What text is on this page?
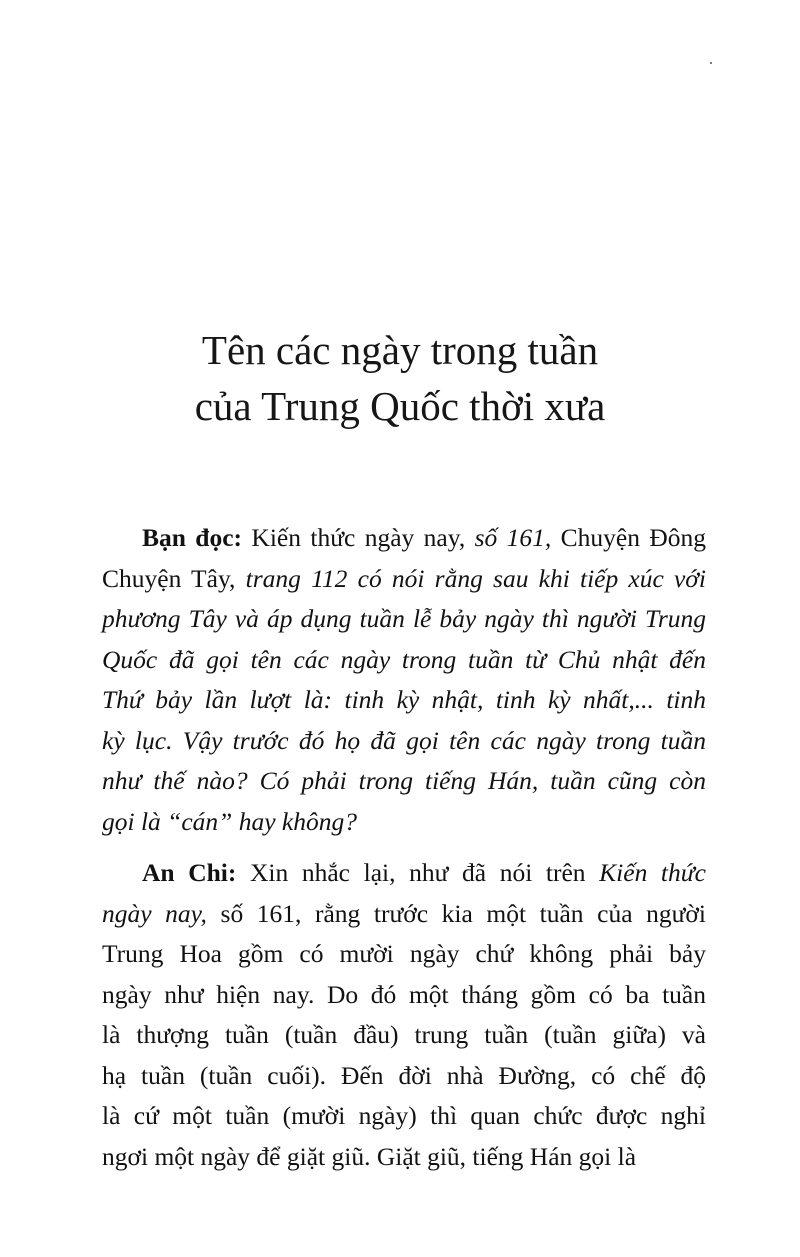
Tên các ngày trong tuần
của Trung Quốc thời xưa
Bạn đọc: Kiến thức ngày nay, số 161, Chuyện Đông
Chuyện Tây, trang 112 có nói rằng sau khi tiếp xúc với
phương Tây và áp dụng tuần lễ bảy ngày thì người Trung
Quốc đã gọi tên các ngày trong tuần từ Chủ nhật đến
Thứ bảy lần lượt là: tinh kỳ nhật, tinh kỳ nhất,... tinh
kỳ lục. Vậy trước đó họ đã gọi tên các ngày trong tuần
như thế nào? Có phải trong tiếng Hán, tuần cũng còn
gọi là “cán” hay không?
An Chi: Xin nhắc lại, như đã nói trên Kiến thức
ngày nay, số 161, rằng trước kia một tuần của người
Trung Hoa gồm có mười ngày chứ không phải bảy
ngày như hiện nay. Do đó một tháng gồm có ba tuần
là thượng tuần (tuần đầu) trung tuần (tuần giữa) và
hạ tuần (tuần cuối). Đến đời nhà Đường, có chế độ
là cứ một tuần (mười ngày) thì quan chức được nghỉ
ngơi một ngày để giặt giũ. Giặt giũ, tiếng Hán gọi là
